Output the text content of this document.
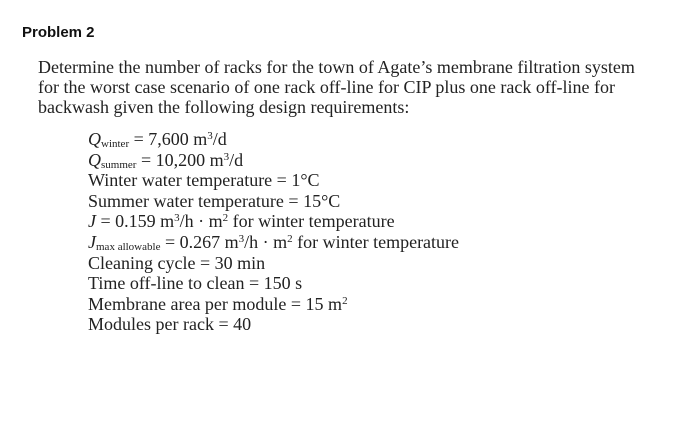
Problem 2
Determine the number of racks for the town of Agate’s membrane filtration system
for the worst case scenario of one rack off-line for CIP plus one rack off-line for
backwash given the following design requirements:
Qwinter = 7,600 $m^3/d$
Qsummer = 10,200 $m^3/d$
Winter water temperature = 1°C
Summer water temperature = 15°C
J = 0.159 $m^3/h \cdot m^2$ for winter temperature
Jmax allowable = 0.267 $m^3/h \cdot m^2$ for winter temperature
Cleaning cycle = 30 min
Time off-line to clean = 150 s
Membrane area per module = 15 $m^2$
Modules per rack = 40
